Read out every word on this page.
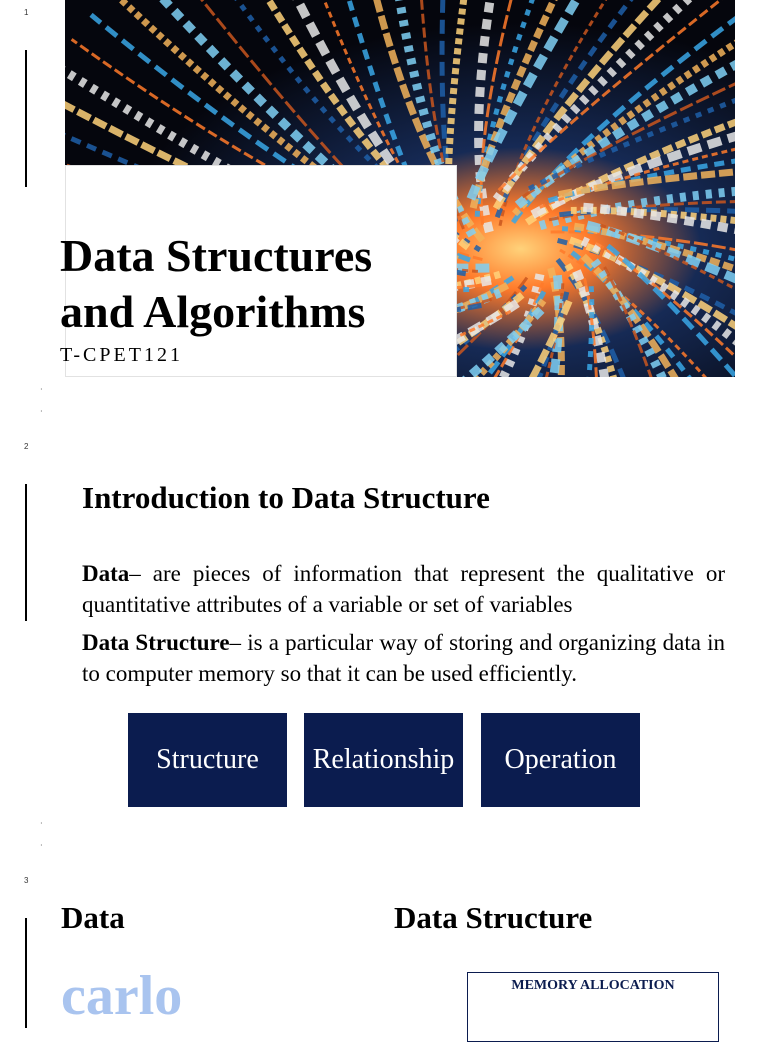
1
Data Structures
and Algorithms
T-CPET121
·
·
2
Introduction to Data Structure

Data– are pieces of information that represent the qualitative or quantitative attributes of a variable or set of variables

Data Structure– is a particular way of storing and organizing data in to computer memory so that it can be used efficiently.

Structure	Relationship	Operation
·
·
3
Data	Data Structure
carlo	MEMORY ALLOCATION
